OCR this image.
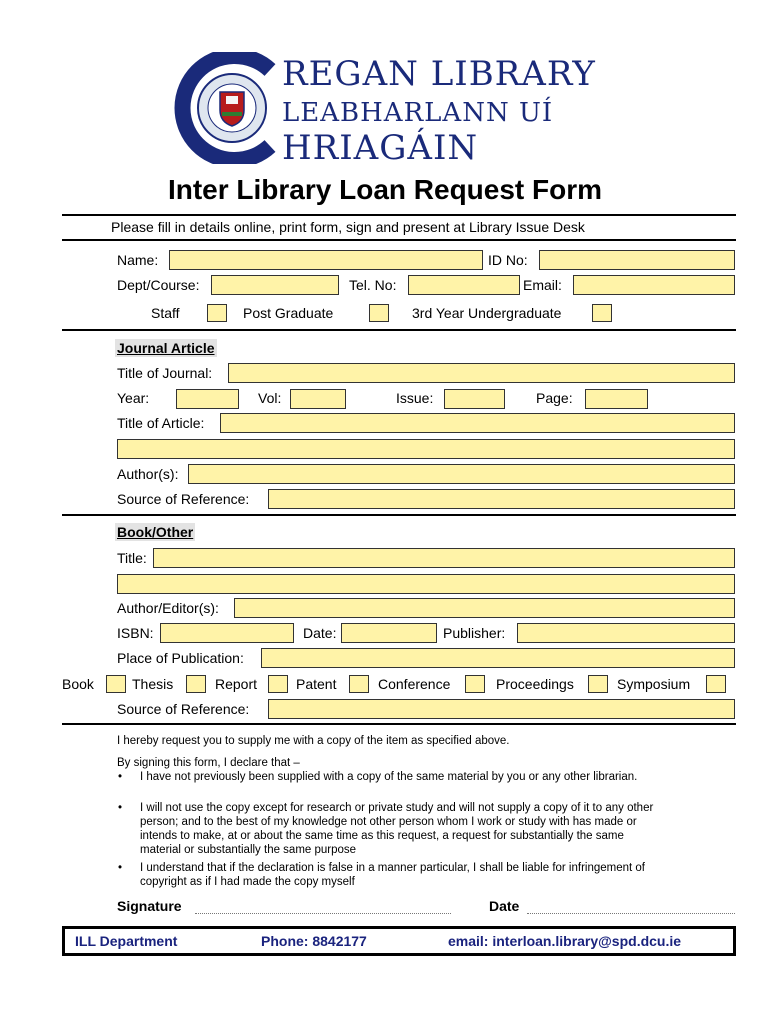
REGAN LIBRARY
LEABHARLANN UÍ
HRIAGÁIN
Inter Library Loan Request Form
Please fill in details online, print form, sign and present at Library Issue Desk
Name:	ID No:
Dept/Course:	Tel. No:	Email:
Staff	Post Graduate	3rd Year Undergraduate
Journal Article
Title of Journal:
Year:	Vol:	Issue:	Page:
Title of Article:
Author(s):
Source of Reference:
Book/Other
Title:
Author/Editor(s):
ISBN:	Date:	Publisher:
Place of Publication:
Book	Thesis	Report	Patent	Conference	Proceedings	Symposium
Source of Reference:
I hereby request you to supply me with a copy of the item as specified above.
By signing this form, I declare that –
• I have not previously been supplied with a copy of the same material by you or any other librarian.
• I will not use the copy except for research or private study and will not supply a copy of it to any other person; and to the best of my knowledge not other person whom I work or study with has made or intends to make, at or about the same time as this request, a request for substantially the same material or substantially the same purpose
• I understand that if the declaration is false in a manner particular, I shall be liable for infringement of copyright as if I had made the copy myself
Signature	Date
ILL Department	Phone: 8842177	email: interloan.library@spd.dcu.ie
